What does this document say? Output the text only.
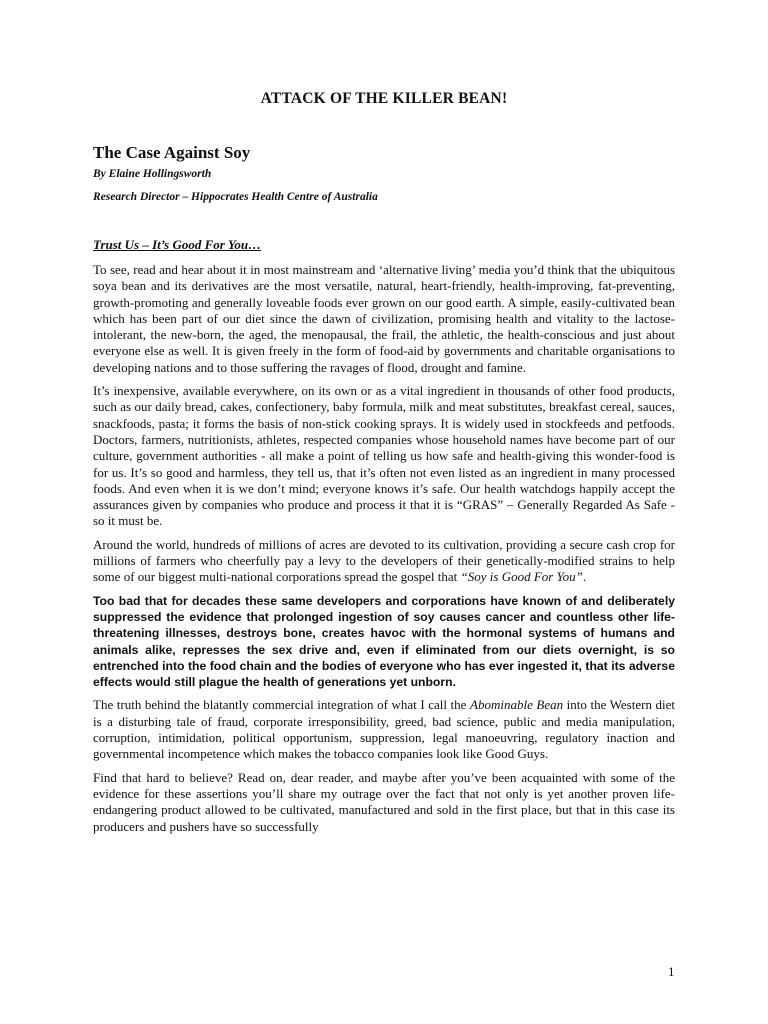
ATTACK OF THE KILLER BEAN!
The Case Against Soy

By Elaine Hollingsworth

Research Director – Hippocrates Health Centre of Australia

Trust Us – It’s Good For You…

To see, read and hear about it in most mainstream and ‘alternative living’ media you’d think that the ubiquitous soya bean and its derivatives are the most versatile, natural, heart-friendly, health-improving, fat-preventing, growth-promoting and generally loveable foods ever grown on our good earth. A simple, easily-cultivated bean which has been part of our diet since the dawn of civilization, promising health and vitality to the lactose-intolerant, the new-born, the aged, the menopausal, the frail, the athletic, the health-conscious and just about everyone else as well. It is given freely in the form of food-aid by governments and charitable organisations to developing nations and to those suffering the ravages of flood, drought and famine.

It’s inexpensive, available everywhere, on its own or as a vital ingredient in thousands of other food products, such as our daily bread, cakes, confectionery, baby formula, milk and meat substitutes, breakfast cereal, sauces, snackfoods, pasta; it forms the basis of non-stick cooking sprays. It is widely used in stockfeeds and petfoods. Doctors, farmers, nutritionists, athletes, respected companies whose household names have become part of our culture, government authorities - all make a point of telling us how safe and health-giving this wonder-food is for us. It’s so good and harmless, they tell us, that it’s often not even listed as an ingredient in many processed foods. And even when it is we don’t mind; everyone knows it’s safe. Our health watchdogs happily accept the assurances given by companies who produce and process it that it is “GRAS” – Generally Regarded As Safe - so it must be.

Around the world, hundreds of millions of acres are devoted to its cultivation, providing a secure cash crop for millions of farmers who cheerfully pay a levy to the developers of their genetically-modified strains to help some of our biggest multi-national corporations spread the gospel that “Soy is Good For You”.

Too bad that for decades these same developers and corporations have known of and deliberately suppressed the evidence that prolonged ingestion of soy causes cancer and countless other life-threatening illnesses, destroys bone, creates havoc with the hormonal systems of humans and animals alike, represses the sex drive and, even if eliminated from our diets overnight, is so entrenched into the food chain and the bodies of everyone who has ever ingested it, that its adverse effects would still plague the health of generations yet unborn.

The truth behind the blatantly commercial integration of what I call the Abominable Bean into the Western diet is a disturbing tale of fraud, corporate irresponsibility, greed, bad science, public and media manipulation, corruption, intimidation, political opportunism, suppression, legal manoeuvring, regulatory inaction and governmental incompetence which makes the tobacco companies look like Good Guys.

Find that hard to believe? Read on, dear reader, and maybe after you’ve been acquainted with some of the evidence for these assertions you’ll share my outrage over the fact that not only is yet another proven life-endangering product allowed to be cultivated, manufactured and sold in the first place, but that in this case its producers and pushers have so successfully

1
